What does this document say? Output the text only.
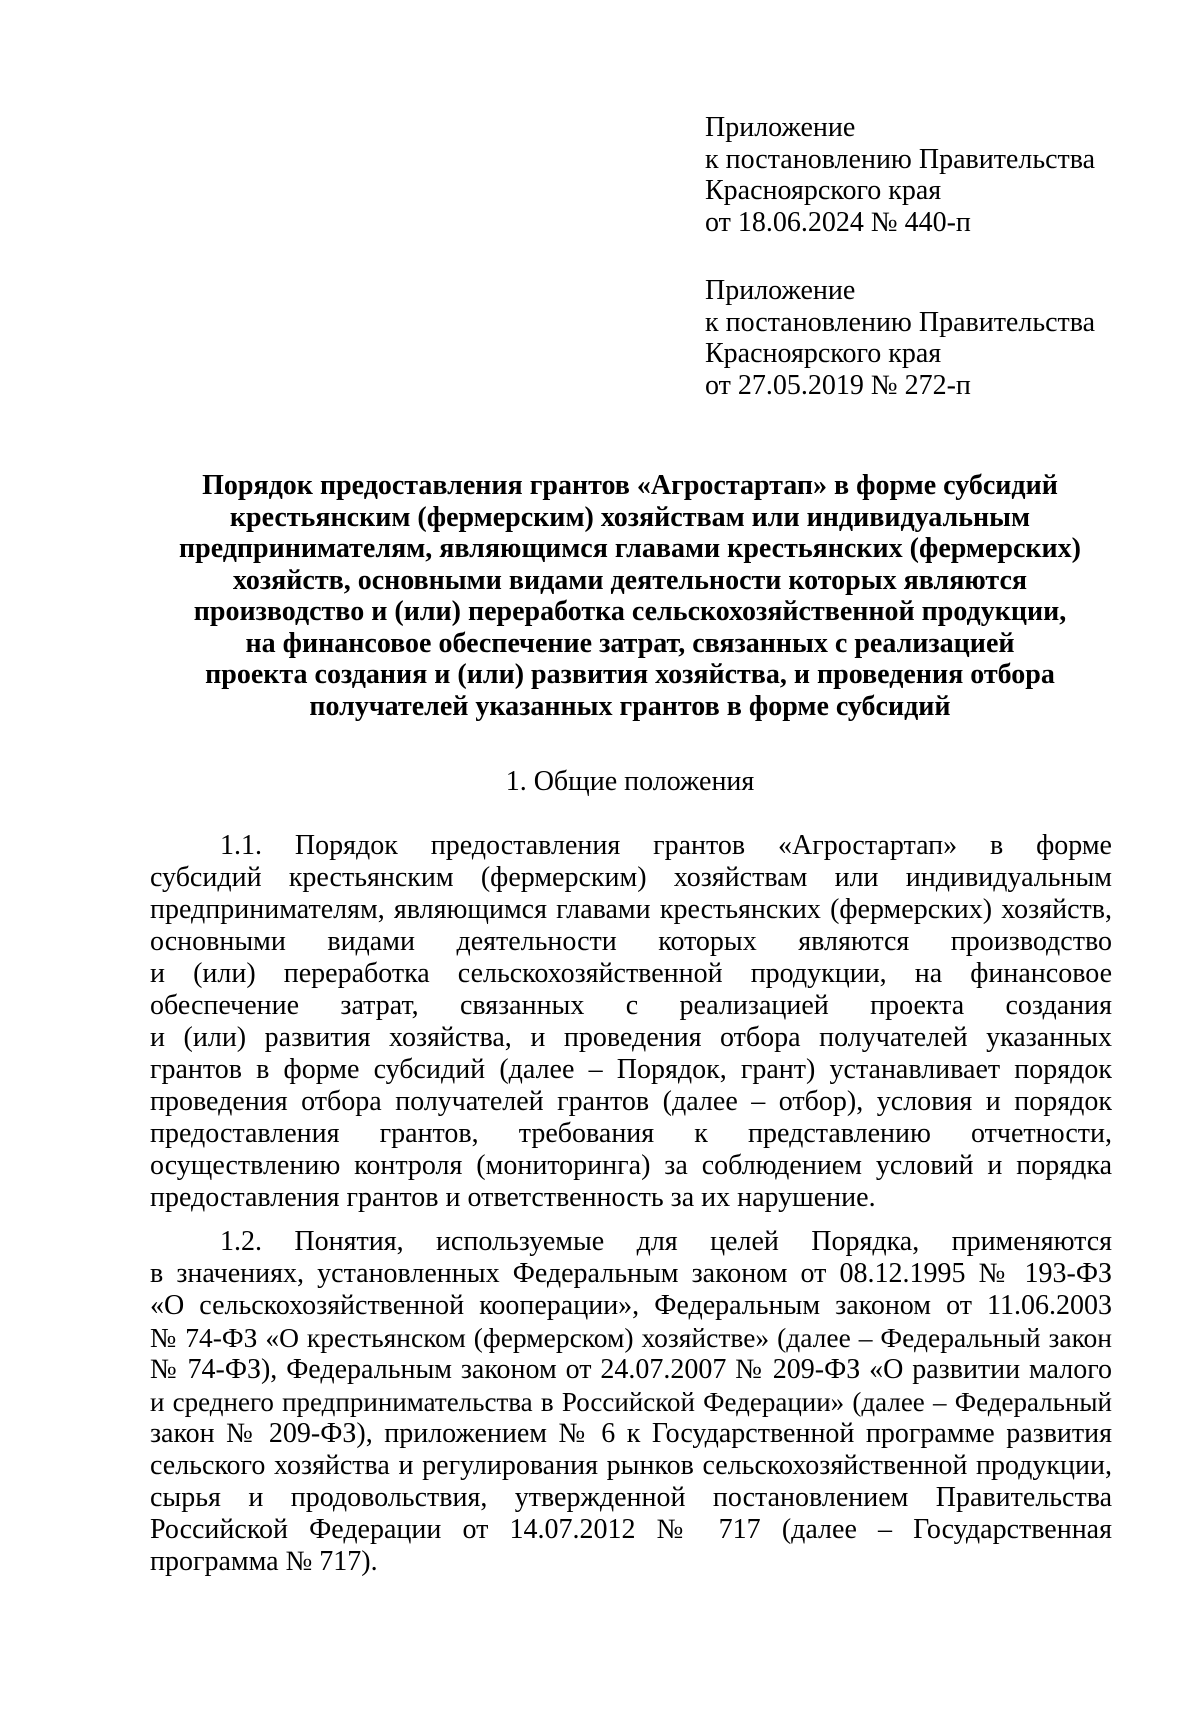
Приложение
к постановлению Правительства
Красноярского края
от 18.06.2024 № 440-п
Приложение
к постановлению Правительства
Красноярского края
от 27.05.2019 № 272-п
Порядок предоставления грантов «Агростартап» в форме субсидий
крестьянским (фермерским) хозяйствам или индивидуальным
предпринимателям, являющимся главами крестьянских (фермерских)
хозяйств, основными видами деятельности которых являются
производство и (или) переработка сельскохозяйственной продукции,
на финансовое обеспечение затрат, связанных с реализацией
проекта создания и (или) развития хозяйства, и проведения отбора
получателей указанных грантов в форме субсидий
1. Общие положения
1.1. Порядок предоставления грантов «Агростартап» в форме
субсидий крестьянским (фермерским) хозяйствам или индивидуальным
предпринимателям, являющимся главами крестьянских (фермерских) хозяйств,
основными видами деятельности которых являются производство
и (или) переработка сельскохозяйственной продукции, на финансовое
обеспечение затрат, связанных с реализацией проекта создания
и (или) развития хозяйства, и проведения отбора получателей указанных
грантов в форме субсидий (далее – Порядок, грант) устанавливает порядок
проведения отбора получателей грантов (далее – отбор), условия и порядок
предоставления грантов, требования к представлению отчетности,
осуществлению контроля (мониторинга) за соблюдением условий и порядка
предоставления грантов и ответственность за их нарушение.
1.2. Понятия, используемые для целей Порядка, применяются
в значениях, установленных Федеральным законом от 08.12.1995 № 193-ФЗ
«О сельскохозяйственной кооперации», Федеральным законом от 11.06.2003
№ 74-ФЗ «О крестьянском (фермерском) хозяйстве» (далее – Федеральный закон
№ 74-ФЗ), Федеральным законом от 24.07.2007 № 209-ФЗ «О развитии малого
и среднего предпринимательства в Российской Федерации» (далее – Федеральный
закон № 209-ФЗ), приложением № 6 к Государственной программе развития
сельского хозяйства и регулирования рынков сельскохозяйственной продукции,
сырья и продовольствия, утвержденной постановлением Правительства
Российской Федерации от 14.07.2012 № 717 (далее – Государственная
программа № 717).
